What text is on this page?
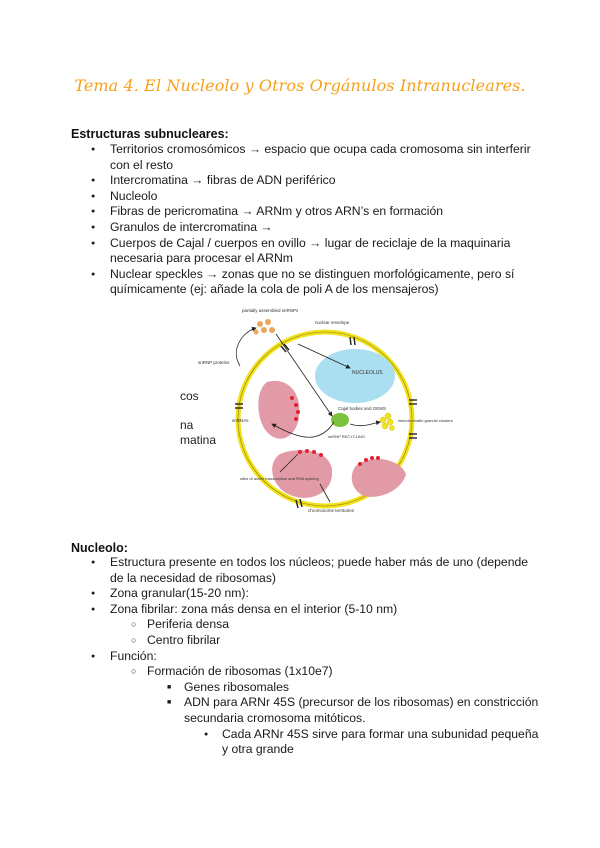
Tema 4. El Nucleolo y Otros Orgánulos Intranucleares.
Estructuras subnucleares:
● Territorios cromosómicos → espacio que ocupa cada cromosoma sin interferir con el resto
● Intercromatina → fibras de ADN periférico
● Nucleolo
● Fibras de pericromatina → ARNm y otros ARN’s en formación
● Granulos de intercromatina →
● Cuerpos de Cajal / cuerpos en ovillo → lugar de reciclaje de la maquinaria necesaria para procesar el ARNm
● Nuclear speckles → zonas que no se distinguen morfológicamente, pero sí químicamente (ej: añade la cola de poli A de los mensajeros)
cos
na
matina
NUCLEOLUS
Cajal bodies and GEMS
snRNP RECYCLING
interchromatin granule clusters
partially assembled snRNPs
nuclear envelope
snRNP proteins
snRNAs
sites of active transcription and RNA splicing
chromosome territories
Nucleolo:
● Estructura presente en todos los núcleos; puede haber más de uno (depende de la necesidad de ribosomas)
● Zona granular(15-20 nm):
● Zona fibrilar: zona más densa en el interior (5-10 nm)
○ Periferia densa
○ Centro fibrilar
● Función:
○ Formación de ribosomas (1x10e7)
■ Genes ribosomales
■ ADN para ARNr 45S (precursor de los ribosomas) en constricción secundaria cromosoma mitóticos.
● Cada ARNr 45S sirve para formar una subunidad pequeña y otra grande
